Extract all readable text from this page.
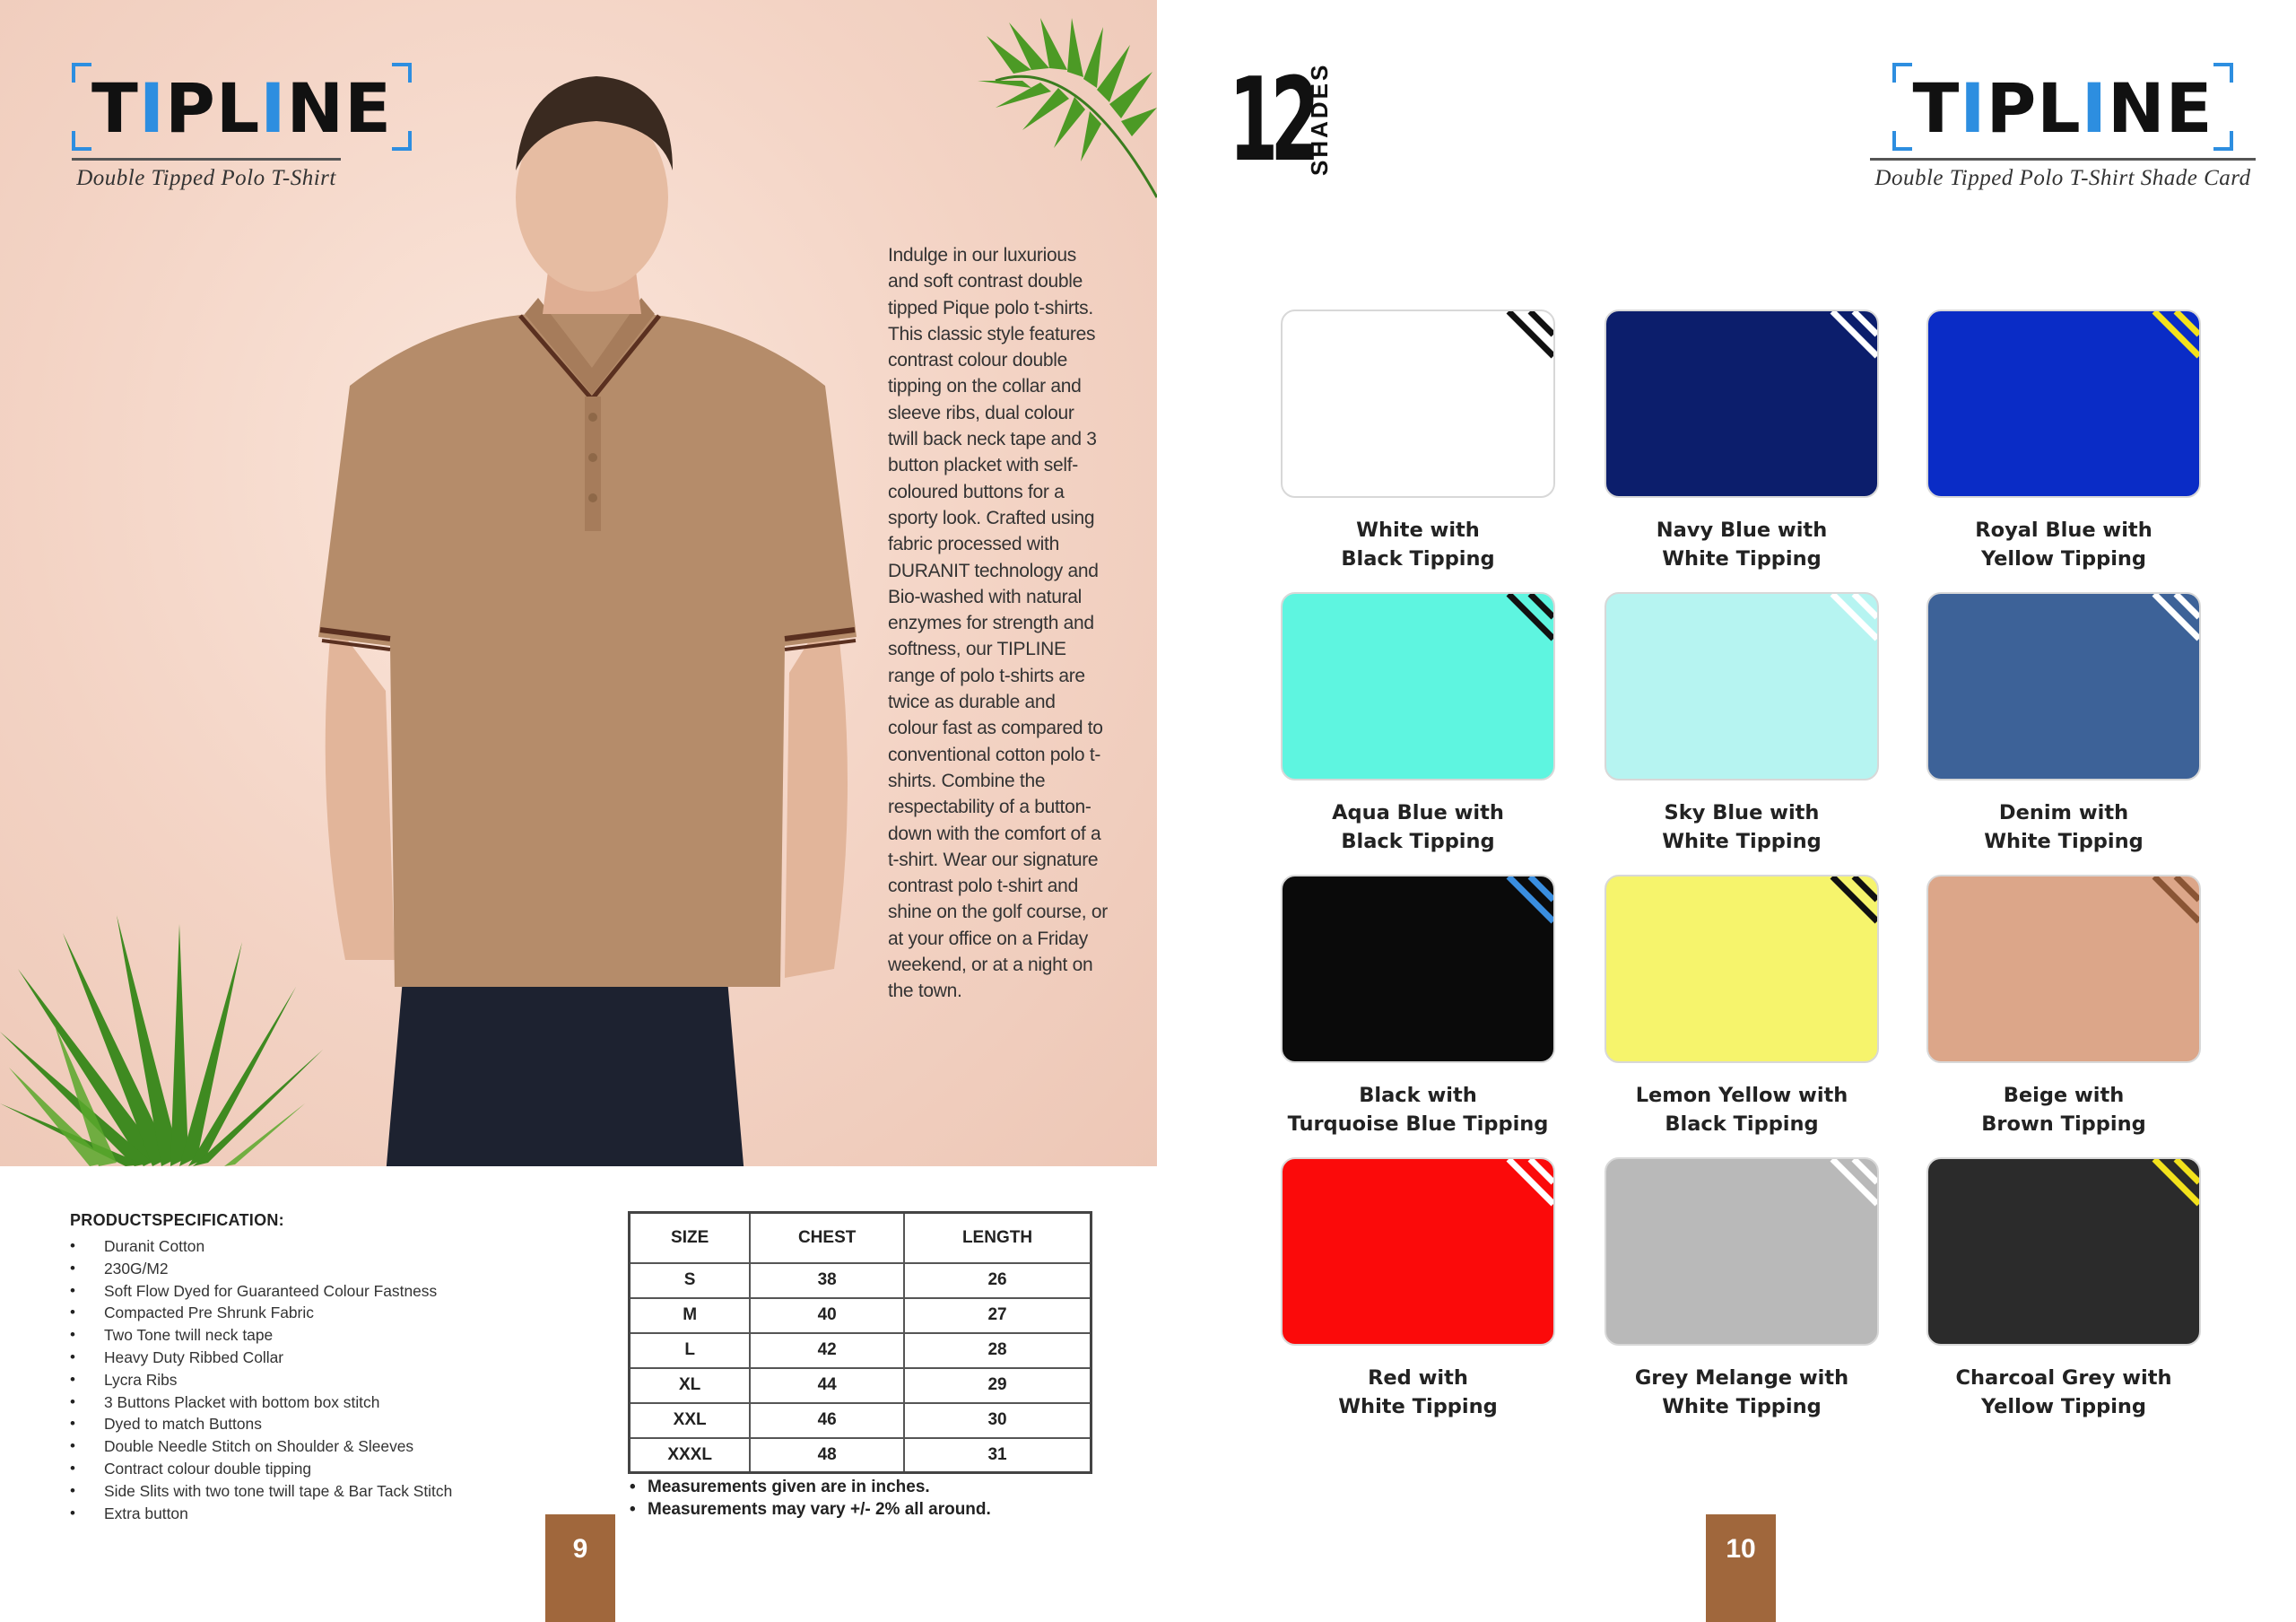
TIPLINE
Double Tipped Polo T-Shirt

Indulge in our luxurious and soft contrast double tipped Pique polo t-shirts. This classic style features contrast colour double tipping on the collar and sleeve ribs, dual colour twill back neck tape and 3 button placket with self-coloured buttons for a sporty look. Crafted using fabric processed with DURANIT technology and Bio-washed with natural enzymes for strength and softness, our TIPLINE range of polo t-shirts are twice as durable and colour fast as compared to conventional cotton polo t-shirts. Combine the respectability of a button-down with the comfort of a t-shirt. Wear our signature contrast polo t-shirt and shine on the golf course, or at your office on a Friday weekend, or at a night on the town.

PRODUCTSPECIFICATION:
• Duranit Cotton
• 230G/M2
• Soft Flow Dyed for Guaranteed Colour Fastness
• Compacted Pre Shrunk Fabric
• Two Tone twill neck tape
• Heavy Duty Ribbed Collar
• Lycra Ribs
• 3 Buttons Placket with bottom box stitch
• Dyed to match Buttons
• Double Needle Stitch on Shoulder & Sleeves
• Contract colour double tipping
• Side Slits with two tone twill tape & Bar Tack Stitch
• Extra button
SIZE	CHEST	LENGTH
S	38	26
M	40	27
L	42	28
XL	44	29
XXL	46	30
XXXL	48	31
• Measurements given are in inches.
• Measurements may vary +/- 2% all around.
9
12
SHADES	TIPLINE
Double Tipped Polo T-Shirt Shade Card
White with
Black Tipping
Navy Blue with
White Tipping
Royal Blue with
Yellow Tipping
Aqua Blue with
Black Tipping
Sky Blue with
White Tipping
Denim with
White Tipping
Black with
Turquoise Blue Tipping
Lemon Yellow with
Black Tipping
Beige with
Brown Tipping
Red with
White Tipping
Grey Melange with
White Tipping
Charcoal Grey with
Yellow Tipping
10
